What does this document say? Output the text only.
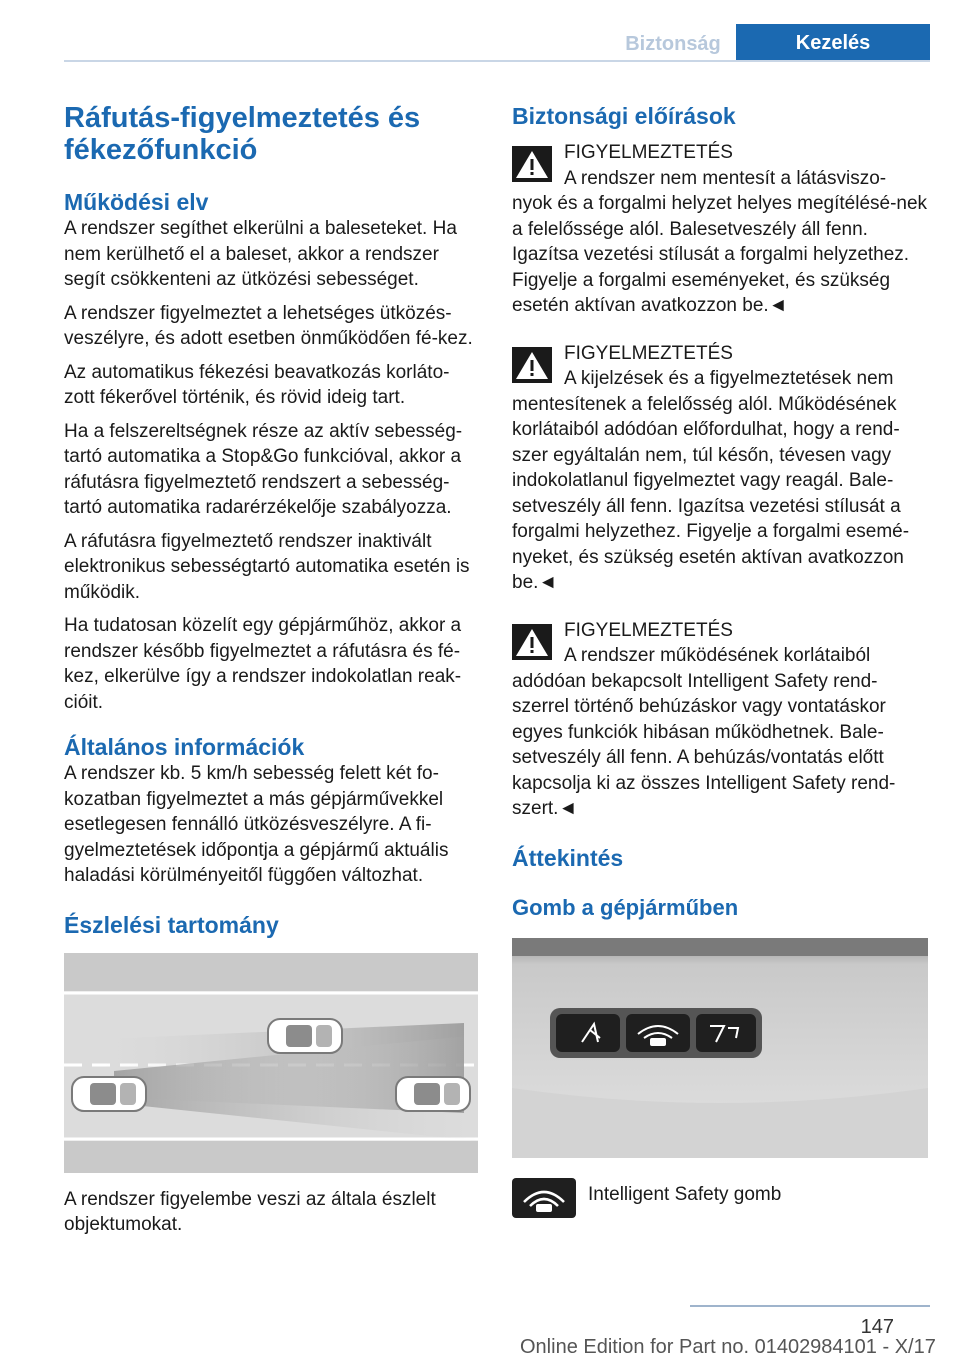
Biztonság	Kezelés
Ráfutás-figyelmeztetés és fékezőfunkció
Működési elv

A rendszer segíthet elkerülni a baleseteket. Ha nem kerülhető el a baleset, akkor a rendszer segít csökkenteni az ütközési sebességet.

A rendszer figyelmeztet a lehetséges ütközés-veszélyre, és adott esetben önműködően fé-kez.

Az automatikus fékezési beavatkozás korláto-zott fékerővel történik, és rövid ideig tart.

Ha a felszereltségnek része az aktív sebesség-tartó automatika a Stop&Go funkcióval, akkor a ráfutásra figyelmeztető rendszert a sebesség-tartó automatika radarérzékelője szabályozza.

A ráfutásra figyelmeztető rendszer inaktivált elektronikus sebességtartó automatika esetén is működik.

Ha tudatosan közelít egy gépjárműhöz, akkor a rendszer később figyelmeztet a ráfutásra és fé-kez, elkerülve így a rendszer indokolatlan reak-cióit.

Általános információk

A rendszer kb. 5 km/h sebesség felett két fo-kozatban figyelmeztet a más gépjárművekkel esetlegesen fennálló ütközésveszélyre. A fi-gyelmeztetések időpontja a gépjármű aktuális haladási körülményeitől függően változhat.

Észlelési tartomány

A rendszer figyelembe veszi az általa észlelt objektumokat.

Biztonsági előírások
FIGYELMEZTETÉS
A rendszer nem mentesít a látásviszo-
nyok és a forgalmi helyzet helyes megítélésé-nek a felelőssége alól. Balesetveszély áll fenn. Igazítsa vezetési stílusát a forgalmi helyzethez. Figyelje a forgalmi eseményeket, és szükség esetén aktívan avatkozzon be.◄
FIGYELMEZTETÉS
A kijelzések és a figyelmeztetések nem
mentesítenek a felelősség alól. Működésének korlátaiból adódóan előfordulhat, hogy a rend-szer egyáltalán nem, túl későn, tévesen vagy indokolatlanul figyelmeztet vagy reagál. Bale-setveszély áll fenn. Igazítsa vezetési stílusát a forgalmi helyzethez. Figyelje a forgalmi esemé-nyeket, és szükség esetén aktívan avatkozzon be.◄
FIGYELMEZTETÉS
A rendszer működésének korlátaiból
adódóan bekapcsolt Intelligent Safety rend-szerrel történő behúzáskor vagy vontatáskor egyes funkciók hibásan működhetnek. Bale-setveszély áll fenn. A behúzás/vontatás előtt kapcsolja ki az összes Intelligent Safety rend-szert.◄
Áttekintés
Gomb a gépjárműben
Intelligent Safety gomb
147
Online Edition for Part no. 01402984101 - X/17
